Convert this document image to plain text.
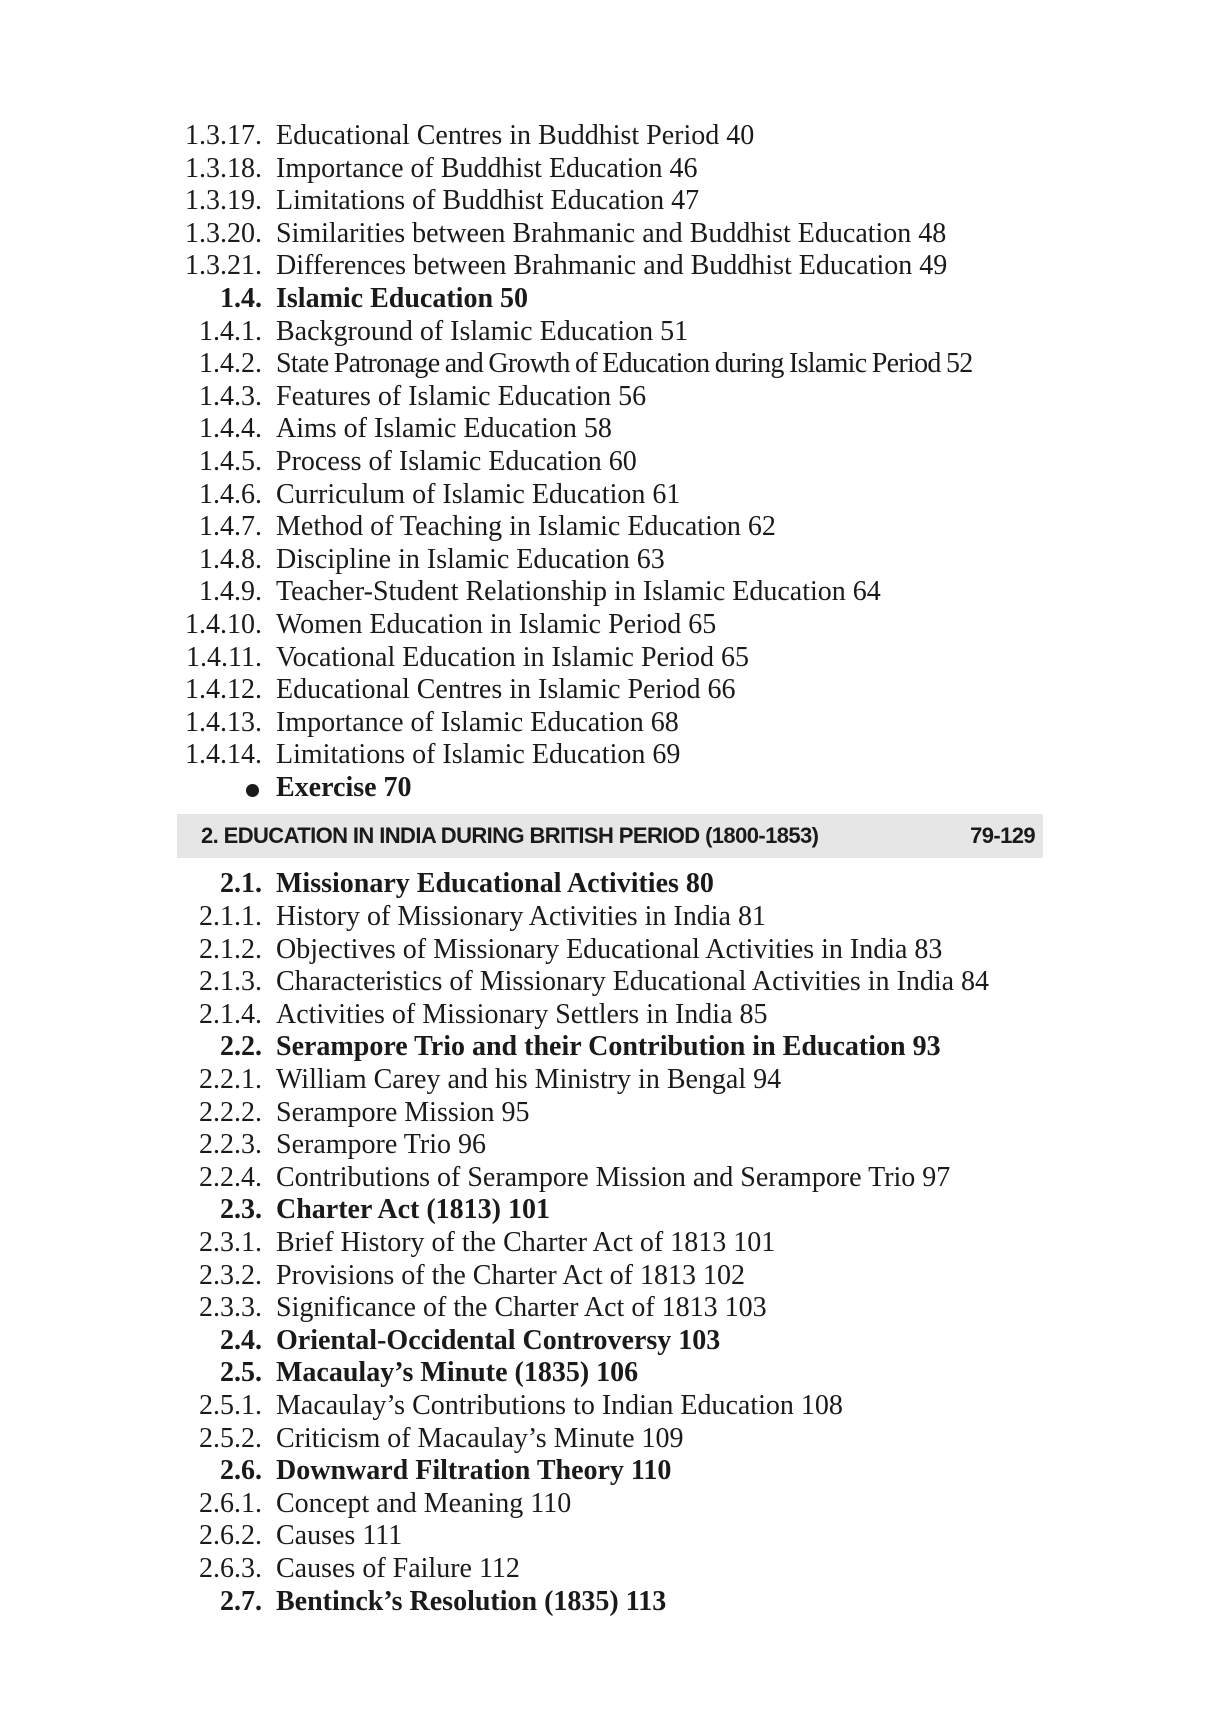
1.3.17. Educational Centres in Buddhist Period 40
1.3.18. Importance of Buddhist Education 46
1.3.19. Limitations of Buddhist Education 47
1.3.20. Similarities between Brahmanic and Buddhist Education 48
1.3.21. Differences between Brahmanic and Buddhist Education 49
1.4. Islamic Education 50
1.4.1. Background of Islamic Education 51
1.4.2. State Patronage and Growth of Education during Islamic Period 52
1.4.3. Features of Islamic Education 56
1.4.4. Aims of Islamic Education 58
1.4.5. Process of Islamic Education 60
1.4.6. Curriculum of Islamic Education 61
1.4.7. Method of Teaching in Islamic Education 62
1.4.8. Discipline in Islamic Education 63
1.4.9. Teacher-Student Relationship in Islamic Education 64
1.4.10. Women Education in Islamic Period 65
1.4.11. Vocational Education in Islamic Period 65
1.4.12. Educational Centres in Islamic Period 66
1.4.13. Importance of Islamic Education 68
1.4.14. Limitations of Islamic Education 69
Exercise 70
2. EDUCATION IN INDIA DURING BRITISH PERIOD (1800-1853)	79-129
2.1. Missionary Educational Activities 80
2.1.1. History of Missionary Activities in India 81
2.1.2. Objectives of Missionary Educational Activities in India 83
2.1.3. Characteristics of Missionary Educational Activities in India 84
2.1.4. Activities of Missionary Settlers in India 85
2.2. Serampore Trio and their Contribution in Education 93
2.2.1. William Carey and his Ministry in Bengal 94
2.2.2. Serampore Mission 95
2.2.3. Serampore Trio 96
2.2.4. Contributions of Serampore Mission and Serampore Trio 97
2.3. Charter Act (1813) 101
2.3.1. Brief History of the Charter Act of 1813 101
2.3.2. Provisions of the Charter Act of 1813 102
2.3.3. Significance of the Charter Act of 1813 103
2.4. Oriental-Occidental Controversy 103
2.5. Macaulay’s Minute (1835) 106
2.5.1. Macaulay’s Contributions to Indian Education 108
2.5.2. Criticism of Macaulay’s Minute 109
2.6. Downward Filtration Theory 110
2.6.1. Concept and Meaning 110
2.6.2. Causes 111
2.6.3. Causes of Failure 112
2.7. Bentinck’s Resolution (1835) 113
